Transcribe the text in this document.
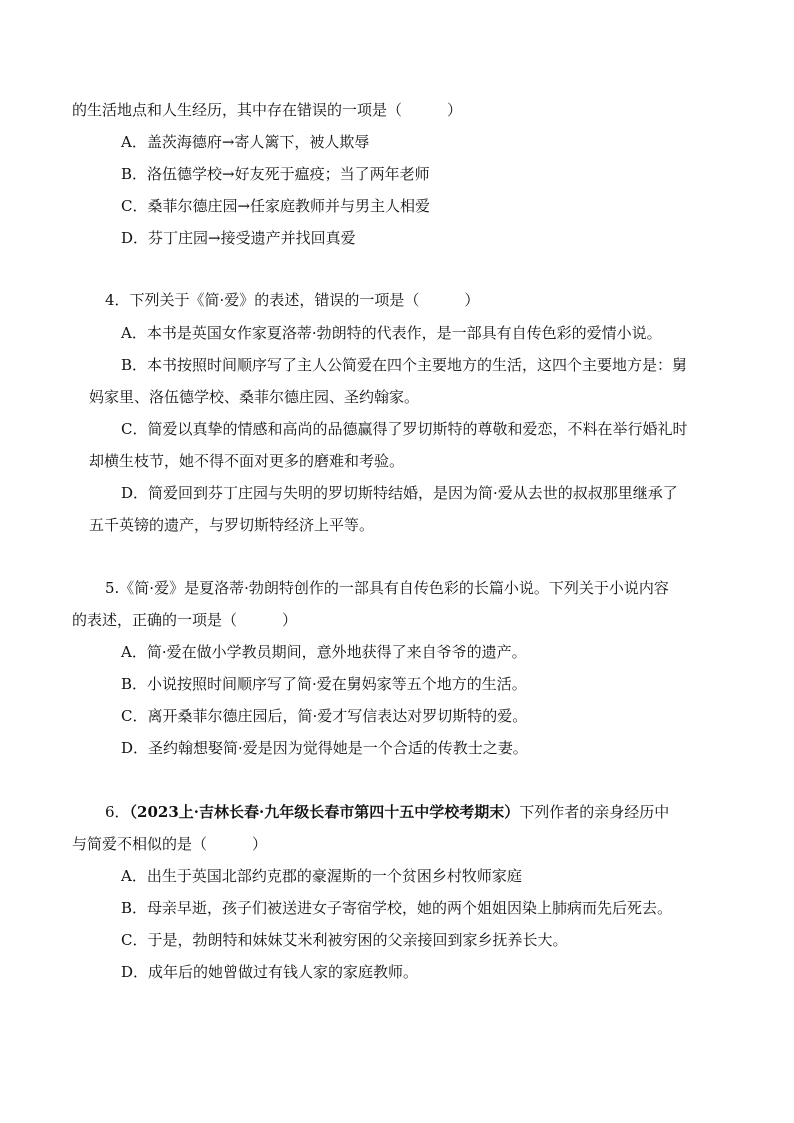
的生活地点和人生经历，其中存在错误的一项是（　　　）
A．盖茨海德府→寄人篱下，被人欺辱
B．洛伍德学校→好友死于瘟疫；当了两年老师
C．桑菲尔德庄园→任家庭教师并与男主人相爱
D．芬丁庄园→接受遗产并找回真爱
4．下列关于《简·爱》的表述，错误的一项是（　　　）
A．本书是英国女作家夏洛蒂·勃朗特的代表作，是一部具有自传色彩的爱情小说。
B．本书按照时间顺序写了主人公简爱在四个主要地方的生活，这四个主要地方是：舅
妈家里、洛伍德学校、桑菲尔德庄园、圣约翰家。
C．简爱以真挚的情感和高尚的品德赢得了罗切斯特的尊敬和爱恋，不料在举行婚礼时
却横生枝节，她不得不面对更多的磨难和考验。
D．简爱回到芬丁庄园与失明的罗切斯特结婚，是因为简·爱从去世的叔叔那里继承了
五千英镑的遗产，与罗切斯特经济上平等。
5.《简·爱》是夏洛蒂·勃朗特创作的一部具有自传色彩的长篇小说。下列关于小说内容
的表述，正确的一项是（　　　）
A．简·爱在做小学教员期间，意外地获得了来自爷爷的遗产。
B．小说按照时间顺序写了简·爱在舅妈家等五个地方的生活。
C．离开桑菲尔德庄园后，简·爱才写信表达对罗切斯特的爱。
D．圣约翰想娶简·爱是因为觉得她是一个合适的传教士之妻。
6．（2023上·吉林长春·九年级长春市第四十五中学校考期末）下列作者的亲身经历中
与简爱不相似的是（　　　）
A．出生于英国北部约克郡的豪渥斯的一个贫困乡村牧师家庭
B．母亲早逝，孩子们被送进女子寄宿学校，她的两个姐姐因染上肺病而先后死去。
C．于是，勃朗特和妹妹艾米利被穷困的父亲接回到家乡抚养长大。
D．成年后的她曾做过有钱人家的家庭教师。
